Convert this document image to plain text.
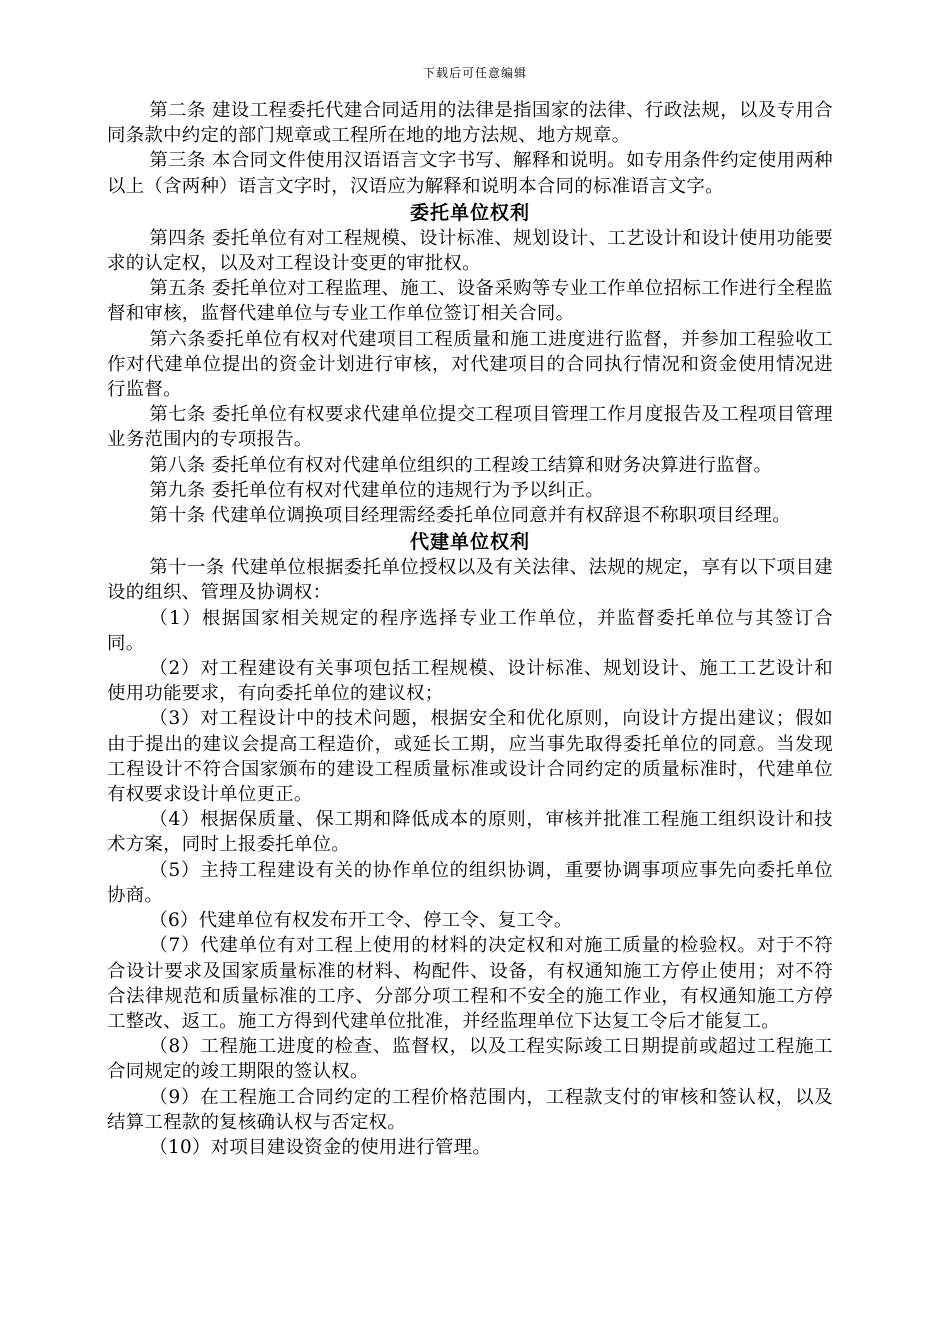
下载后可任意编辑

第二条 建设工程委托代建合同适用的法律是指国家的法律、行政法规，以及专用合同条款中约定的部门规章或工程所在地的地方法规、地方规章。

第三条 本合同文件使用汉语语言文字书写、解释和说明。如专用条件约定使用两种以上（含两种）语言文字时，汉语应为解释和说明本合同的标准语言文字。

委托单位权利

第四条 委托单位有对工程规模、设计标准、规划设计、工艺设计和设计使用功能要求的认定权，以及对工程设计变更的审批权。

第五条 委托单位对工程监理、施工、设备采购等专业工作单位招标工作进行全程监督和审核，监督代建单位与专业工作单位签订相关合同。

第六条委托单位有权对代建项目工程质量和施工进度进行监督，并参加工程验收工作对代建单位提出的资金计划进行审核，对代建项目的合同执行情况和资金使用情况进行监督。

第七条 委托单位有权要求代建单位提交工程项目管理工作月度报告及工程项目管理业务范围内的专项报告。

第八条 委托单位有权对代建单位组织的工程竣工结算和财务决算进行监督。

第九条 委托单位有权对代建单位的违规行为予以纠正。

第十条 代建单位调换项目经理需经委托单位同意并有权辞退不称职项目经理。

代建单位权利

第十一条 代建单位根据委托单位授权以及有关法律、法规的规定，享有以下项目建设的组织、管理及协调权：

（1）根据国家相关规定的程序选择专业工作单位，并监督委托单位与其签订合同。

（2）对工程建设有关事项包括工程规模、设计标准、规划设计、施工工艺设计和使用功能要求，有向委托单位的建议权；

（3）对工程设计中的技术问题，根据安全和优化原则，向设计方提出建议；假如由于提出的建议会提高工程造价，或延长工期，应当事先取得委托单位的同意。当发现工程设计不符合国家颁布的建设工程质量标准或设计合同约定的质量标准时，代建单位有权要求设计单位更正。

（4）根据保质量、保工期和降低成本的原则，审核并批准工程施工组织设计和技术方案，同时上报委托单位。

（5）主持工程建设有关的协作单位的组织协调，重要协调事项应事先向委托单位协商。

（6）代建单位有权发布开工令、停工令、复工令。

（7）代建单位有对工程上使用的材料的决定权和对施工质量的检验权。对于不符合设计要求及国家质量标准的材料、构配件、设备，有权通知施工方停止使用；对不符合法律规范和质量标准的工序、分部分项工程和不安全的施工作业，有权通知施工方停工整改、返工。施工方得到代建单位批准，并经监理单位下达复工令后才能复工。

（8）工程施工进度的检查、监督权，以及工程实际竣工日期提前或超过工程施工合同规定的竣工期限的签认权。

（9）在工程施工合同约定的工程价格范围内，工程款支付的审核和签认权，以及结算工程款的复核确认权与否定权。

（10）对项目建设资金的使用进行管理。
